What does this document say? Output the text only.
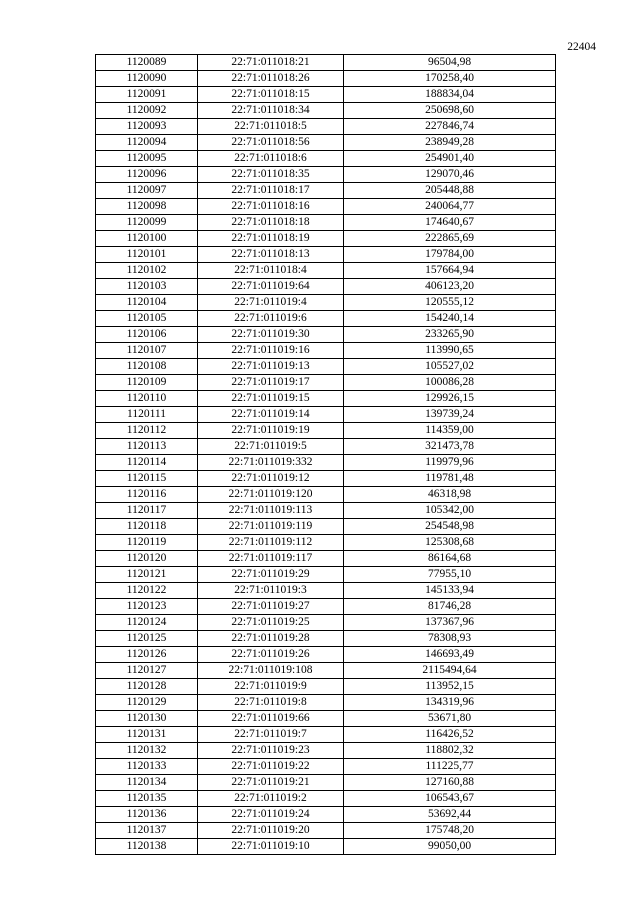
22404
1120089	22:71:011018:21	96504,98
1120090	22:71:011018:26	170258,40
1120091	22:71:011018:15	188834,04
1120092	22:71:011018:34	250698,60
1120093	22:71:011018:5	227846,74
1120094	22:71:011018:56	238949,28
1120095	22:71:011018:6	254901,40
1120096	22:71:011018:35	129070,46
1120097	22:71:011018:17	205448,88
1120098	22:71:011018:16	240064,77
1120099	22:71:011018:18	174640,67
1120100	22:71:011018:19	222865,69
1120101	22:71:011018:13	179784,00
1120102	22:71:011018:4	157664,94
1120103	22:71:011019:64	406123,20
1120104	22:71:011019:4	120555,12
1120105	22:71:011019:6	154240,14
1120106	22:71:011019:30	233265,90
1120107	22:71:011019:16	113990,65
1120108	22:71:011019:13	105527,02
1120109	22:71:011019:17	100086,28
1120110	22:71:011019:15	129926,15
1120111	22:71:011019:14	139739,24
1120112	22:71:011019:19	114359,00
1120113	22:71:011019:5	321473,78
1120114	22:71:011019:332	119979,96
1120115	22:71:011019:12	119781,48
1120116	22:71:011019:120	46318,98
1120117	22:71:011019:113	105342,00
1120118	22:71:011019:119	254548,98
1120119	22:71:011019:112	125308,68
1120120	22:71:011019:117	86164,68
1120121	22:71:011019:29	77955,10
1120122	22:71:011019:3	145133,94
1120123	22:71:011019:27	81746,28
1120124	22:71:011019:25	137367,96
1120125	22:71:011019:28	78308,93
1120126	22:71:011019:26	146693,49
1120127	22:71:011019:108	2115494,64
1120128	22:71:011019:9	113952,15
1120129	22:71:011019:8	134319,96
1120130	22:71:011019:66	53671,80
1120131	22:71:011019:7	116426,52
1120132	22:71:011019:23	118802,32
1120133	22:71:011019:22	111225,77
1120134	22:71:011019:21	127160,88
1120135	22:71:011019:2	106543,67
1120136	22:71:011019:24	53692,44
1120137	22:71:011019:20	175748,20
1120138	22:71:011019:10	99050,00
